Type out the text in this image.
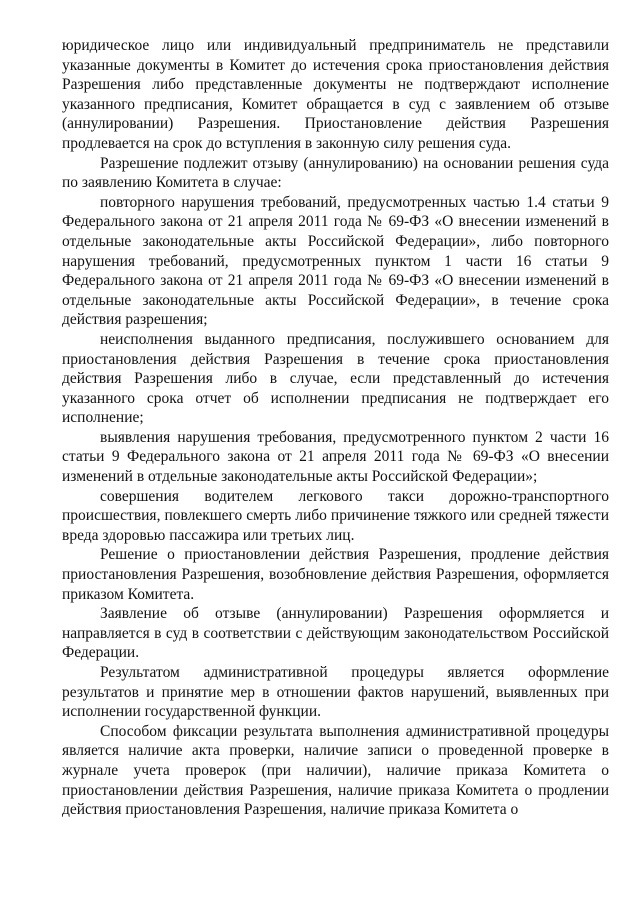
юридическое лицо или индивидуальный предприниматель не представили указанные документы в Комитет до истечения срока приостановления действия Разрешения либо представленные документы не подтверждают исполнение указанного предписания, Комитет обращается в суд с заявлением об отзыве (аннулировании) Разрешения. Приостановление действия Разрешения продлевается на срок до вступления в законную силу решения суда.

Разрешение подлежит отзыву (аннулированию) на основании решения суда по заявлению Комитета в случае:

повторного нарушения требований, предусмотренных частью 1.4 статьи 9 Федерального закона от 21 апреля 2011 года № 69-ФЗ «О внесении изменений в отдельные законодательные акты Российской Федерации», либо повторного нарушения требований, предусмотренных пунктом 1 части 16 статьи 9 Федерального закона от 21 апреля 2011 года № 69-ФЗ «О внесении изменений в отдельные законодательные акты Российской Федерации», в течение срока действия разрешения;

неисполнения выданного предписания, послужившего основанием для приостановления действия Разрешения в течение срока приостановления действия Разрешения либо в случае, если представленный до истечения указанного срока отчет об исполнении предписания не подтверждает его исполнение;

выявления нарушения требования, предусмотренного пунктом 2 части 16 статьи 9 Федерального закона от 21 апреля 2011 года № 69-ФЗ «О внесении изменений в отдельные законодательные акты Российской Федерации»;

совершения водителем легкового такси дорожно-транспортного происшествия, повлекшего смерть либо причинение тяжкого или средней тяжести вреда здоровью пассажира или третьих лиц.

Решение о приостановлении действия Разрешения, продление действия приостановления Разрешения, возобновление действия Разрешения, оформляется приказом Комитета.

Заявление об отзыве (аннулировании) Разрешения оформляется и направляется в суд в соответствии с действующим законодательством Российской Федерации.

Результатом административной процедуры является оформление результатов и принятие мер в отношении фактов нарушений, выявленных при исполнении государственной функции.

Способом фиксации результата выполнения административной процедуры является наличие акта проверки, наличие записи о проведенной проверке в журнале учета проверок (при наличии), наличие приказа Комитета о приостановлении действия Разрешения, наличие приказа Комитета о продлении действия приостановления Разрешения, наличие приказа Комитета о
